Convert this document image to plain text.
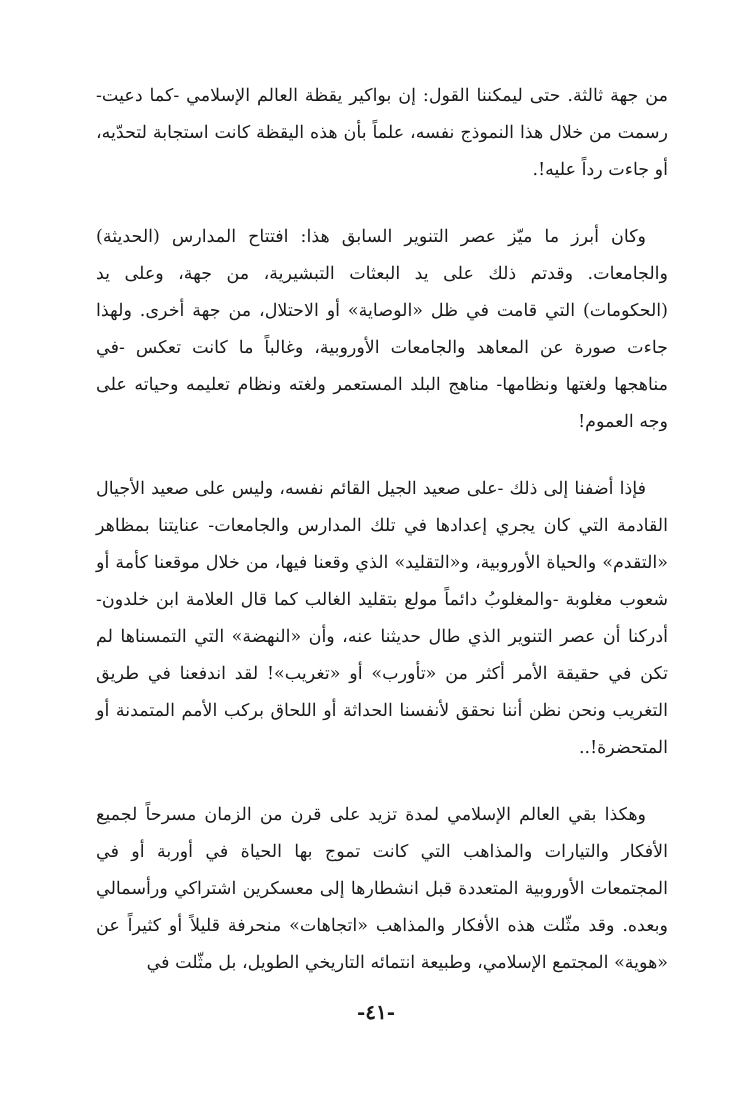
من جهة ثالثة. حتى ليمكننا القول: إن بواكير يقظة العالم الإسلامي -كما دعيت- رسمت من خلال هذا النموذج نفسه، علماً بأن هذه اليقظة كانت استجابة لتحدّيه، أو جاءت رداً عليه!.

وكان أبرز ما ميّز عصر التنوير السابق هذا: افتتاح المدارس (الحديثة) والجامعات. وقدتم ذلك على يد البعثات التبشيرية، من جهة، وعلى يد (الحكومات) التي قامت في ظل «الوصاية» أو الاحتلال، من جهة أخرى. ولهذا جاءت صورة عن المعاهد والجامعات الأوروبية، وغالباً ما كانت تعكس -في مناهجها ولغتها ونظامها- مناهج البلد المستعمر ولغته ونظام تعليمه وحياته على وجه العموم!

فإذا أضفنا إلى ذلك -على صعيد الجيل القائم نفسه، وليس على صعيد الأجيال القادمة التي كان يجري إعدادها في تلك المدارس والجامعات- عنايتنا بمظاهر «التقدم» والحياة الأوروبية، و«التقليد» الذي وقعنا فيها، من خلال موقعنا كأمة أو شعوب مغلوبة -والمغلوبُ دائماً مولع بتقليد الغالب كما قال العلامة ابن خلدون- أدركنا أن عصر التنوير الذي طال حديثنا عنه، وأن «النهضة» التي التمسناها لم تكن في حقيقة الأمر أكثر من «تأورب» أو «تغريب»! لقد اندفعنا في طريق التغريب ونحن نظن أننا نحقق لأنفسنا الحداثة أو اللحاق بركب الأمم المتمدنة أو المتحضرة!..

وهكذا بقي العالم الإسلامي لمدة تزيد على قرن من الزمان مسرحاً لجميع الأفكار والتيارات والمذاهب التي كانت تموج بها الحياة في أوربة أو في المجتمعات الأوروبية المتعددة قبل انشطارها إلى معسكرين اشتراكي ورأسمالي وبعده. وقد مثّلت هذه الأفكار والمذاهب «اتجاهات» منحرفة قليلاً أو كثيراً عن «هوية» المجتمع الإسلامي، وطبيعة انتمائه التاريخي الطويل، بل مثّلت في

-٤١-
